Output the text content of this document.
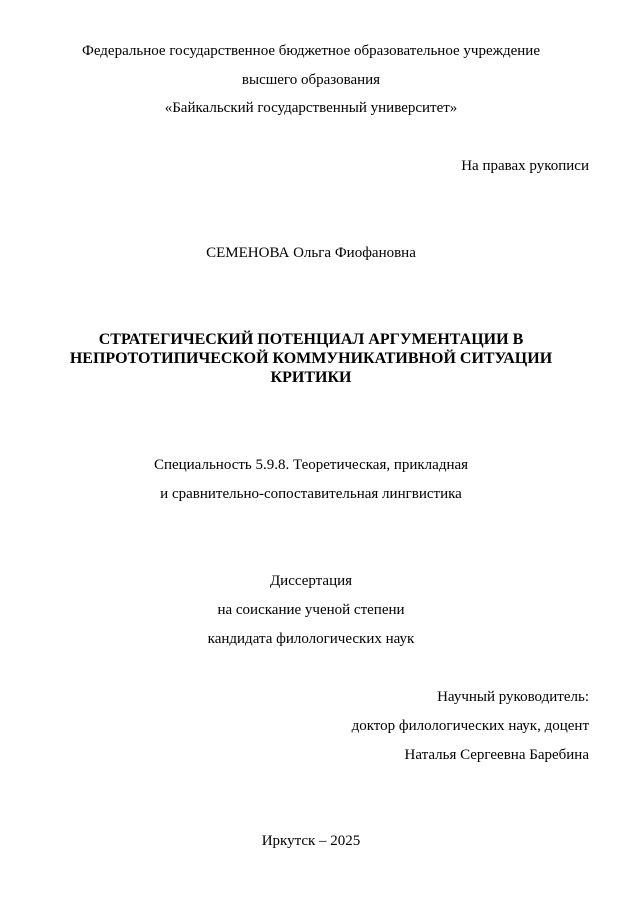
Федеральное государственное бюджетное образовательное учреждение
высшего образования
«Байкальский государственный университет»
На правах рукописи
СЕМЕНОВА Ольга Фиофановна
СТРАТЕГИЧЕСКИЙ ПОТЕНЦИАЛ АРГУМЕНТАЦИИ В
НЕПРОТОТИПИЧЕСКОЙ КОММУНИКАТИВНОЙ СИТУАЦИИ
КРИТИКИ
Специальность 5.9.8. Теоретическая, прикладная
и сравнительно-сопоставительная лингвистика
Диссертация
на соискание ученой степени
кандидата филологических наук
Научный руководитель:
доктор филологических наук, доцент
Наталья Сергеевна Баребина
Иркутск – 2025
